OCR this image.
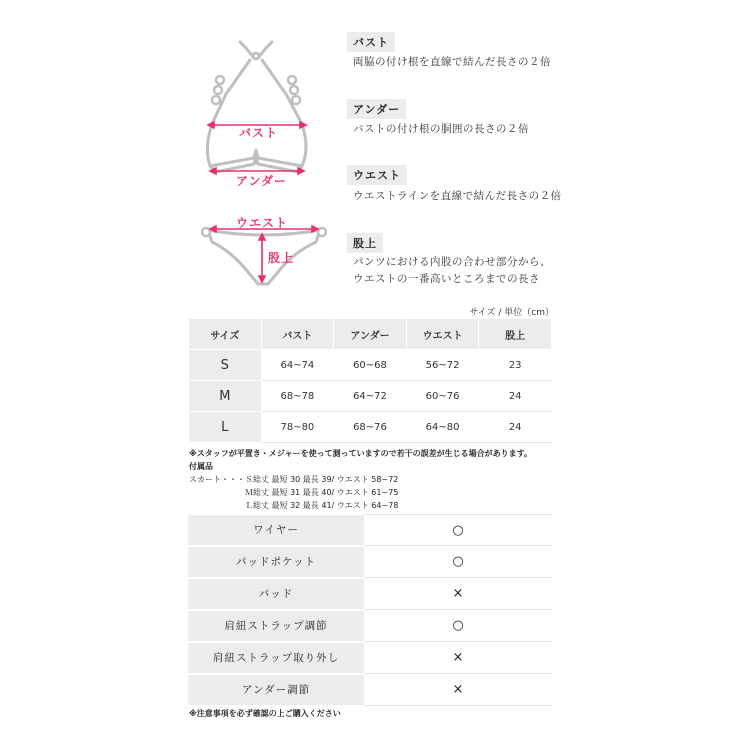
バスト
アンダー
ウエスト
股上
バスト
両脇の付け根を直線で結んだ長さの２倍
アンダー
バストの付け根の胴囲の長さの２倍
ウエスト
ウエストラインを直線で結んだ長さの２倍
股上
パンツにおける内股の合わせ部分から、
ウエストの一番高いところまでの長さ
サイズ / 単位（cm）
サイズ	バスト	アンダー	ウエスト	股上
S	64~74	60~68	56~72	23
M	68~78	64~72	60~76	24
L	78~80	68~76	64~80	24
※スタッフが平置き・メジャーを使って測っていますので若干の誤差が生じる場合があります。
付属品
スカート・・・Ｓ総丈 最短 30 最長 39/ ウエスト 58~72
　　　　　　　Ｍ総丈 最短 31 最長 40/ ウエスト 61~75
　　　　　　　Ｌ総丈 最短 32 最長 41/ ウエスト 64~78
ワイヤー	○
パッドポケット	○
パッド	×
肩紐ストラップ調節	○
肩紐ストラップ取り外し	×
アンダー調節	×
※注意事項を必ず確認の上ご購入ください
